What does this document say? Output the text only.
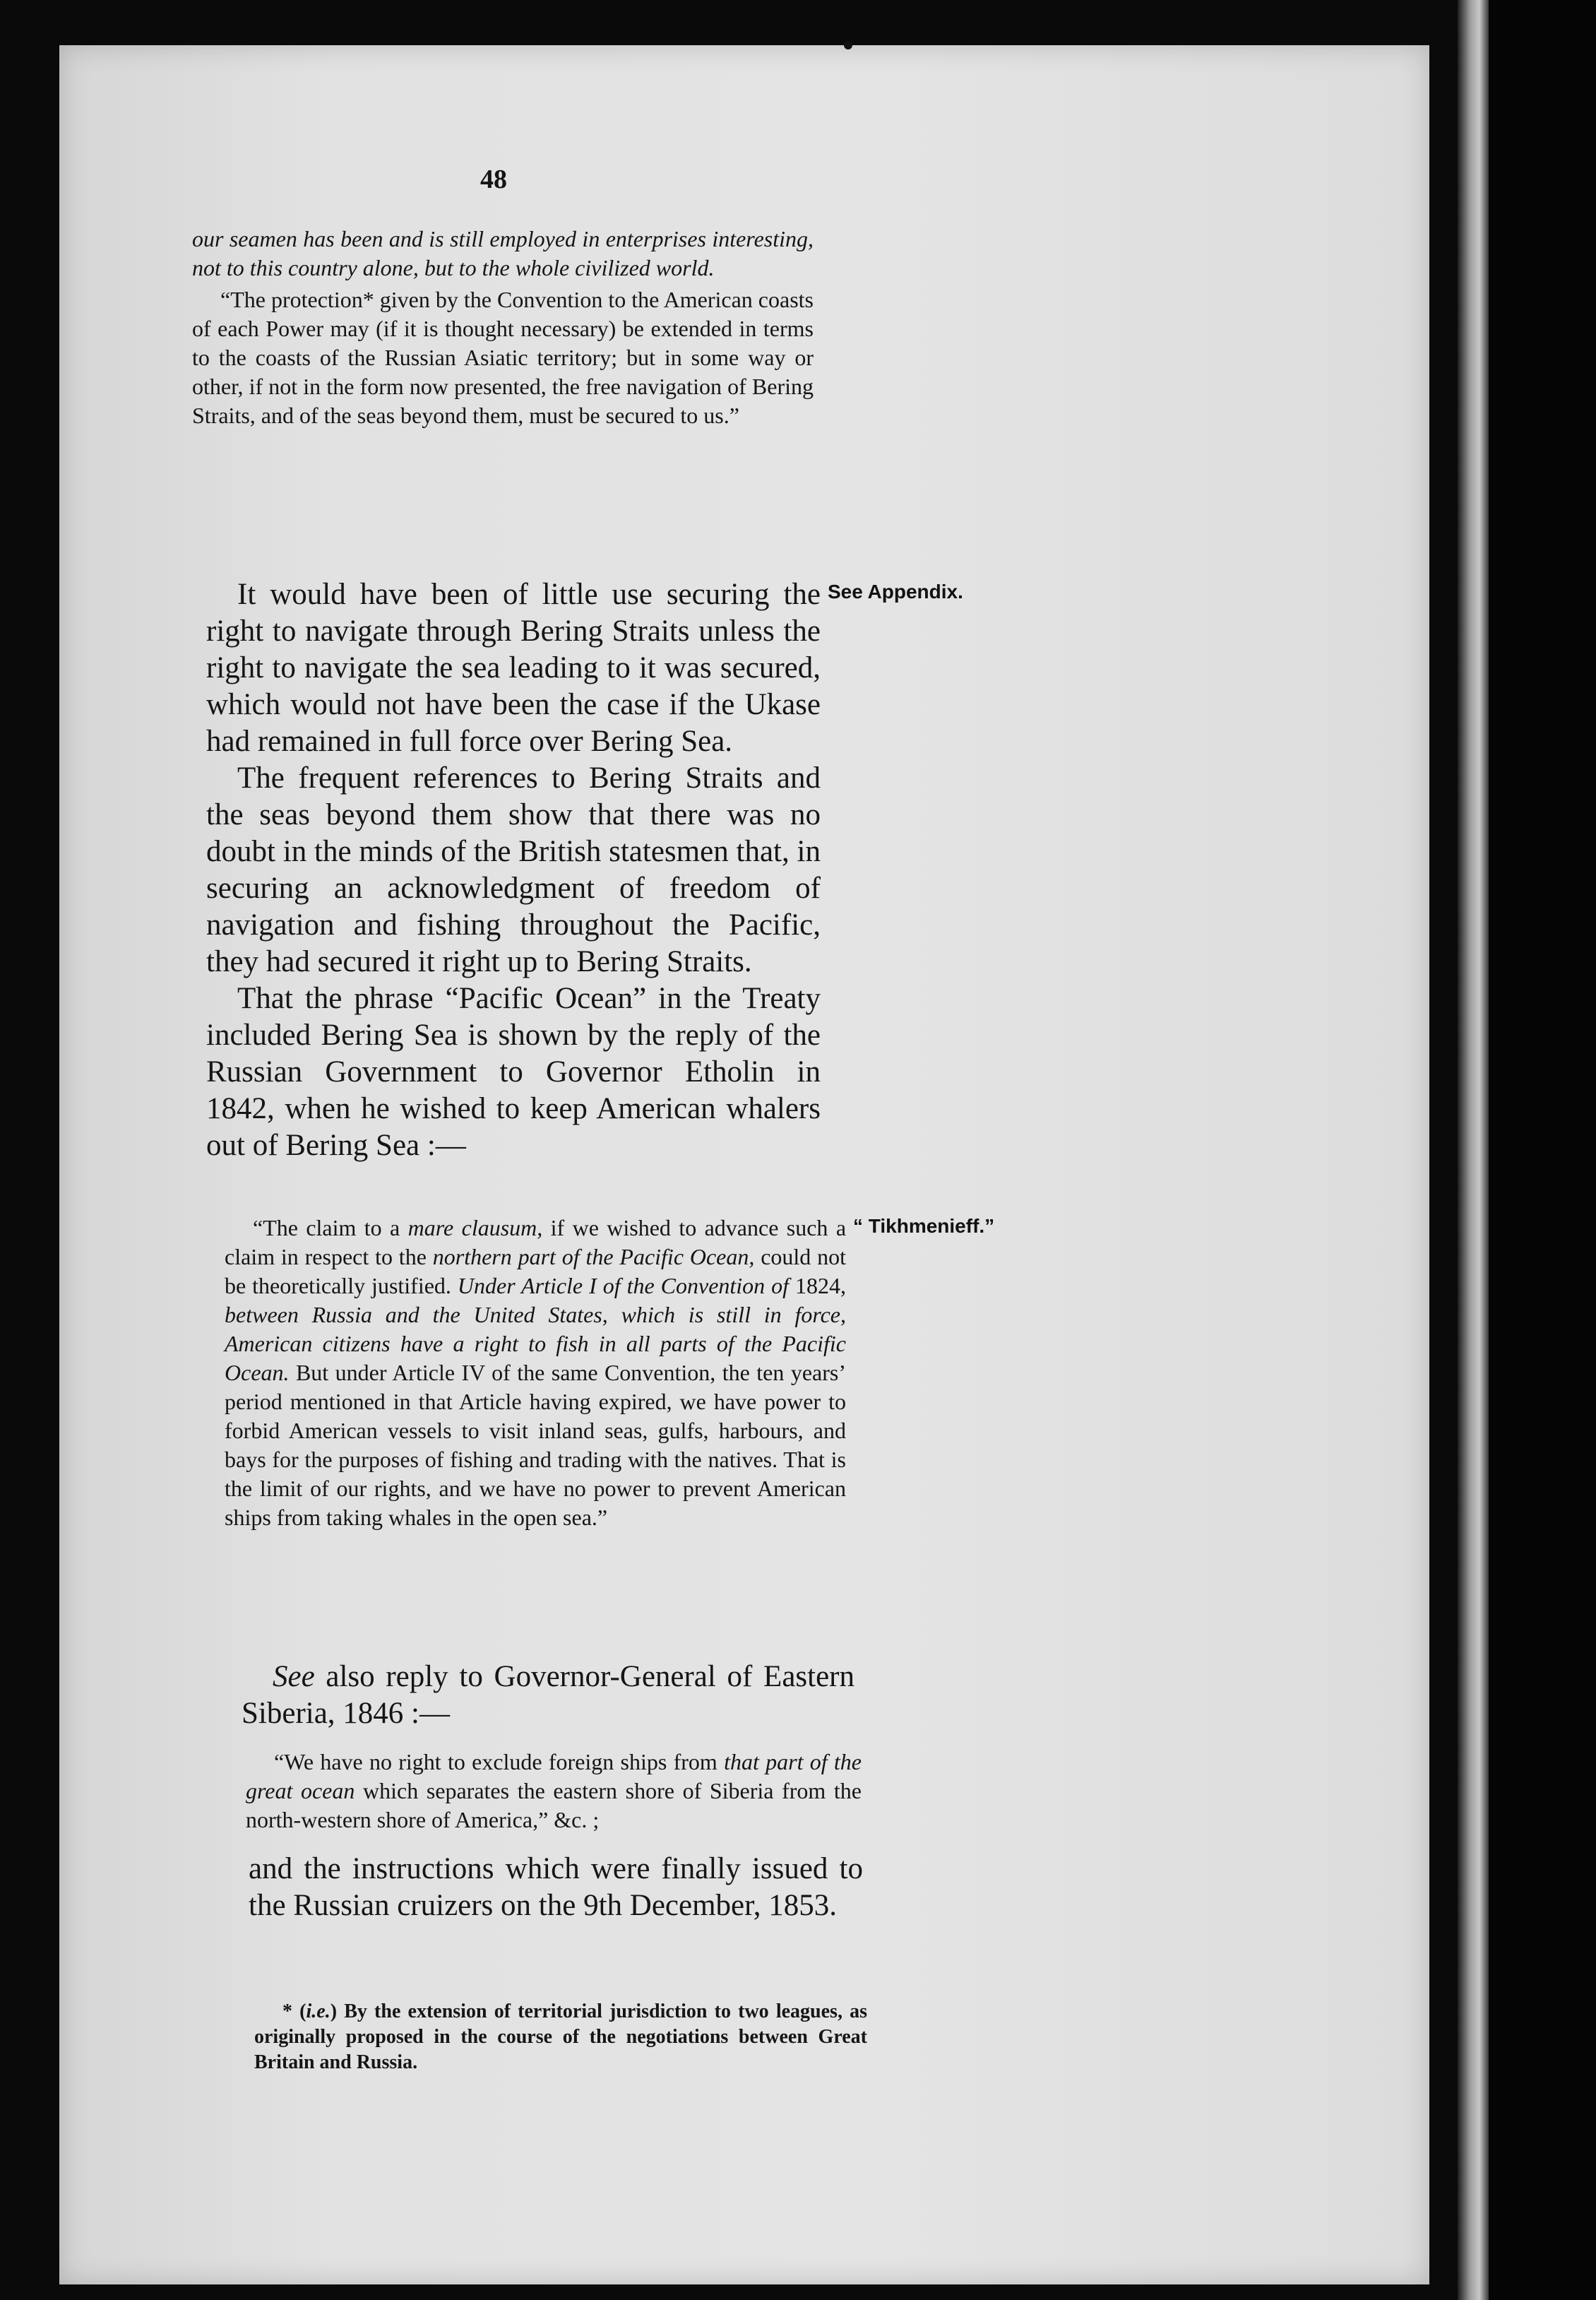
48

our seamen has been and is still employed in enterprises interesting, not to this country alone, but to the whole civilized world.

“The protection* given by the Convention to the American coasts of each Power may (if it is thought necessary) be extended in terms to the coasts of the Russian Asiatic territory; but in some way or other, if not in the form now presented, the free navigation of Bering Straits, and of the seas beyond them, must be secured to us.”

It would have been of little use securing the right to navigate through Bering Straits unless the right to navigate the sea leading to it was secured, which would not have been the case if the Ukase had remained in full force over Bering Sea.

The frequent references to Bering Straits and the seas beyond them show that there was no doubt in the minds of the British statesmen that, in securing an acknowledgment of freedom of navigation and fishing throughout the Pacific, they had secured it right up to Bering Straits.

That the phrase “Pacific Ocean” in the Treaty included Bering Sea is shown by the reply of the Russian Government to Governor Etholin in 1842, when he wished to keep American whalers out of Bering Sea :—

See Appendix.
“ Tikhmenieff.”

“The claim to a mare clausum, if we wished to advance such a claim in respect to the northern part of the Pacific Ocean, could not be theoretically justified. Under Article I of the Convention of 1824, between Russia and the United States, which is still in force, American citizens have a right to fish in all parts of the Pacific Ocean. But under Article IV of the same Convention, the ten years’ period mentioned in that Article having expired, we have power to forbid American vessels to visit inland seas, gulfs, harbours, and bays for the purposes of fishing and trading with the natives. That is the limit of our rights, and we have no power to prevent American ships from taking whales in the open sea.”

See also reply to Governor-General of Eastern Siberia, 1846 :—

“We have no right to exclude foreign ships from that part of the great ocean which separates the eastern shore of Siberia from the north-western shore of America,” &c. ;

and the instructions which were finally issued to the Russian cruizers on the 9th December, 1853.

* (i.e.) By the extension of territorial jurisdiction to two leagues, as originally proposed in the course of the negotiations between Great Britain and Russia.
